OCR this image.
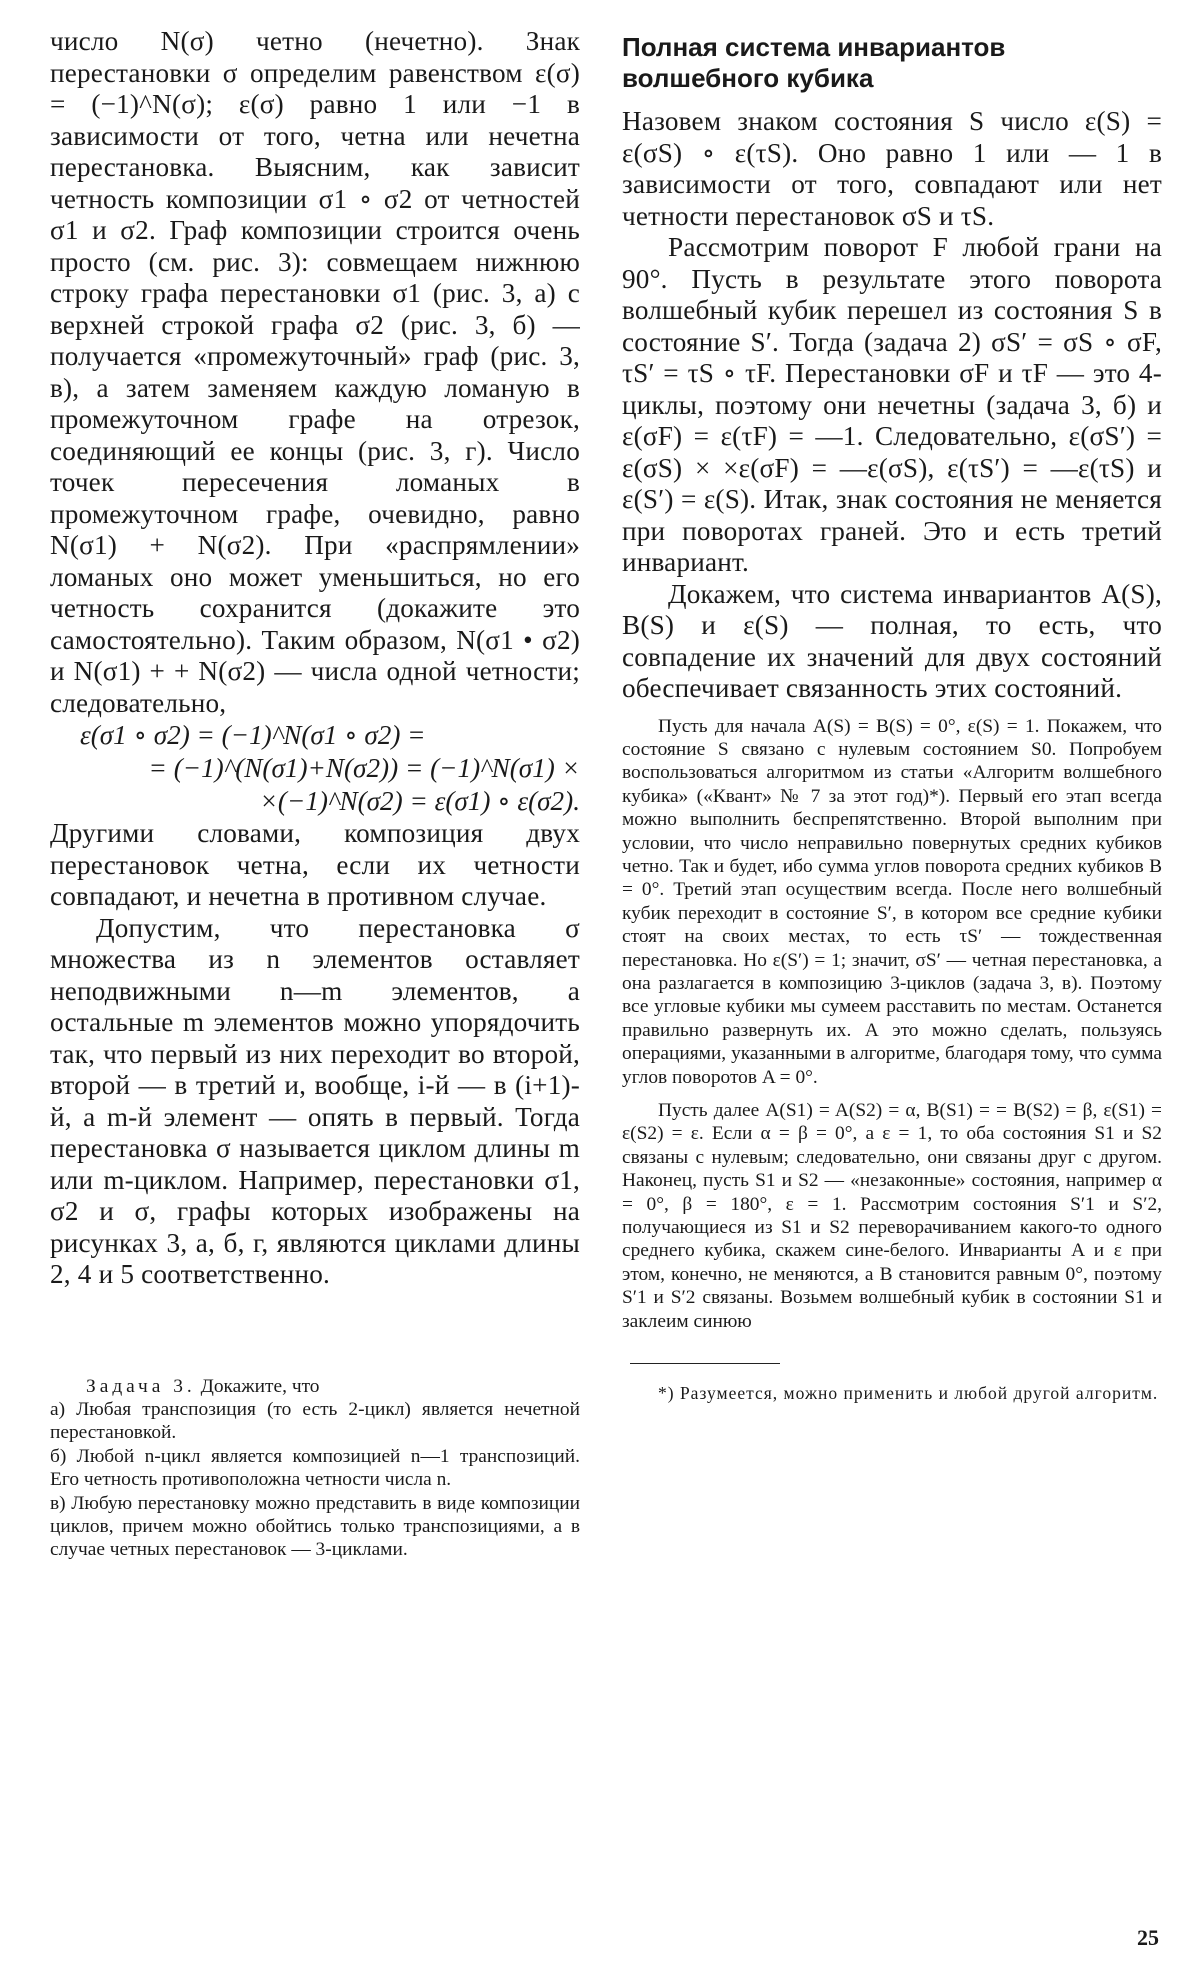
число N(σ) четно (нечетно). Знак перестановки σ определим равенством ε(σ) = (−1)^N(σ); ε(σ) равно 1 или −1 в зависимости от того, четна или нечетна перестановка. Выясним, как зависит четность композиции σ1 ∘ σ2 от четностей σ1 и σ2. Граф композиции строится очень просто (см. рис. 3): совмещаем нижнюю строку графа перестановки σ1 (рис. 3, а) с верхней строкой графа σ2 (рис. 3, б) — получается «промежуточный» граф (рис. 3, в), а затем заменяем каждую ломаную в промежуточном графе на отрезок, соединяющий ее концы (рис. 3, г). Число точек пересечения ломаных в промежуточном графе, очевидно, равно N(σ1) + N(σ2). При «распрямлении» ломаных оно может уменьшиться, но его четность сохранится (докажите это самостоятельно). Таким образом, N(σ1 • σ2) и N(σ1) + + N(σ2) — числа одной четности; следовательно,

ε(σ1 ∘ σ2) = (−1)^N(σ1 ∘ σ2) =
= (−1)^(N(σ1)+N(σ2)) = (−1)^N(σ1) ×
×(−1)^N(σ2) = ε(σ1) ∘ ε(σ2).

Другими словами, композиция двух перестановок четна, если их четности совпадают, и нечетна в противном случае.

Допустим, что перестановка σ множества из n элементов оставляет неподвижными n—m элементов, а остальные m элементов можно упорядочить так, что первый из них переходит во второй, второй — в третий и, вообще, i-й — в (i+1)-й, а m-й элемент — опять в первый. Тогда перестановка σ называется циклом длины m или m-циклом. Например, перестановки σ1, σ2 и σ, графы которых изображены на рисунках 3, а, б, г, являются циклами длины 2, 4 и 5 соответственно.

Задача 3. Докажите, что

а) Любая транспозиция (то есть 2-цикл) является нечетной перестановкой.

б) Любой n-цикл является композицией n—1 транспозиций. Его четность противоположна четности числа n.

в) Любую перестановку можно представить в виде композиции циклов, причем можно обойтись только транспозициями, а в случае четных перестановок — 3-циклами.

Полная система инвариантов волшебного кубика

Назовем знаком состояния S число ε(S) = ε(σS) ∘ ε(τS). Оно равно 1 или — 1 в зависимости от того, совпадают или нет четности перестановок σS и τS.

Рассмотрим поворот F любой грани на 90°. Пусть в результате этого поворота волшебный кубик перешел из состояния S в состояние S′. Тогда (задача 2) σS′ = σS ∘ σF, τS′ = τS ∘ τF. Перестановки σF и τF — это 4-циклы, поэтому они нечетны (задача 3, б) и ε(σF) = ε(τF) = —1. Следовательно, ε(σS′) = ε(σS) × ×ε(σF) = —ε(σS), ε(τS′) = —ε(τS) и ε(S′) = ε(S). Итак, знак состояния не меняется при поворотах граней. Это и есть третий инвариант.

Докажем, что система инвариантов A(S), B(S) и ε(S) — полная, то есть, что совпадение их значений для двух состояний обеспечивает связанность этих состояний.

Пусть для начала A(S) = B(S) = 0°, ε(S) = 1. Покажем, что состояние S связано с нулевым состоянием S0. Попробуем воспользоваться алгоритмом из статьи «Алгоритм волшебного кубика» («Квант» № 7 за этот год)*). Первый его этап всегда можно выполнить беспрепятственно. Второй выполним при условии, что число неправильно повернутых средних кубиков четно. Так и будет, ибо сумма углов поворота средних кубиков B = 0°. Третий этап осуществим всегда. После него волшебный кубик переходит в состояние S′, в котором все средние кубики стоят на своих местах, то есть τS′ — тождественная перестановка. Но ε(S′) = 1; значит, σS′ — четная перестановка, а она разлагается в композицию 3-циклов (задача 3, в). Поэтому все угловые кубики мы сумеем расставить по местам. Останется правильно развернуть их. А это можно сделать, пользуясь операциями, указанными в алгоритме, благодаря тому, что сумма углов поворотов A = 0°.

Пусть далее A(S1) = A(S2) = α, B(S1) = = B(S2) = β, ε(S1) = ε(S2) = ε. Если α = β = 0°, а ε = 1, то оба состояния S1 и S2 связаны с нулевым; следовательно, они связаны друг с другом. Наконец, пусть S1 и S2 — «незаконные» состояния, например α = 0°, β = 180°, ε = 1. Рассмотрим состояния S′1 и S′2, получающиеся из S1 и S2 переворачиванием какого-то одного среднего кубика, скажем сине-белого. Инварианты A и ε при этом, конечно, не меняются, а B становится равным 0°, поэтому S′1 и S′2 связаны. Возьмем волшебный кубик в состоянии S1 и заклеим синюю

*) Разумеется, можно применить и любой другой алгоритм.

25
